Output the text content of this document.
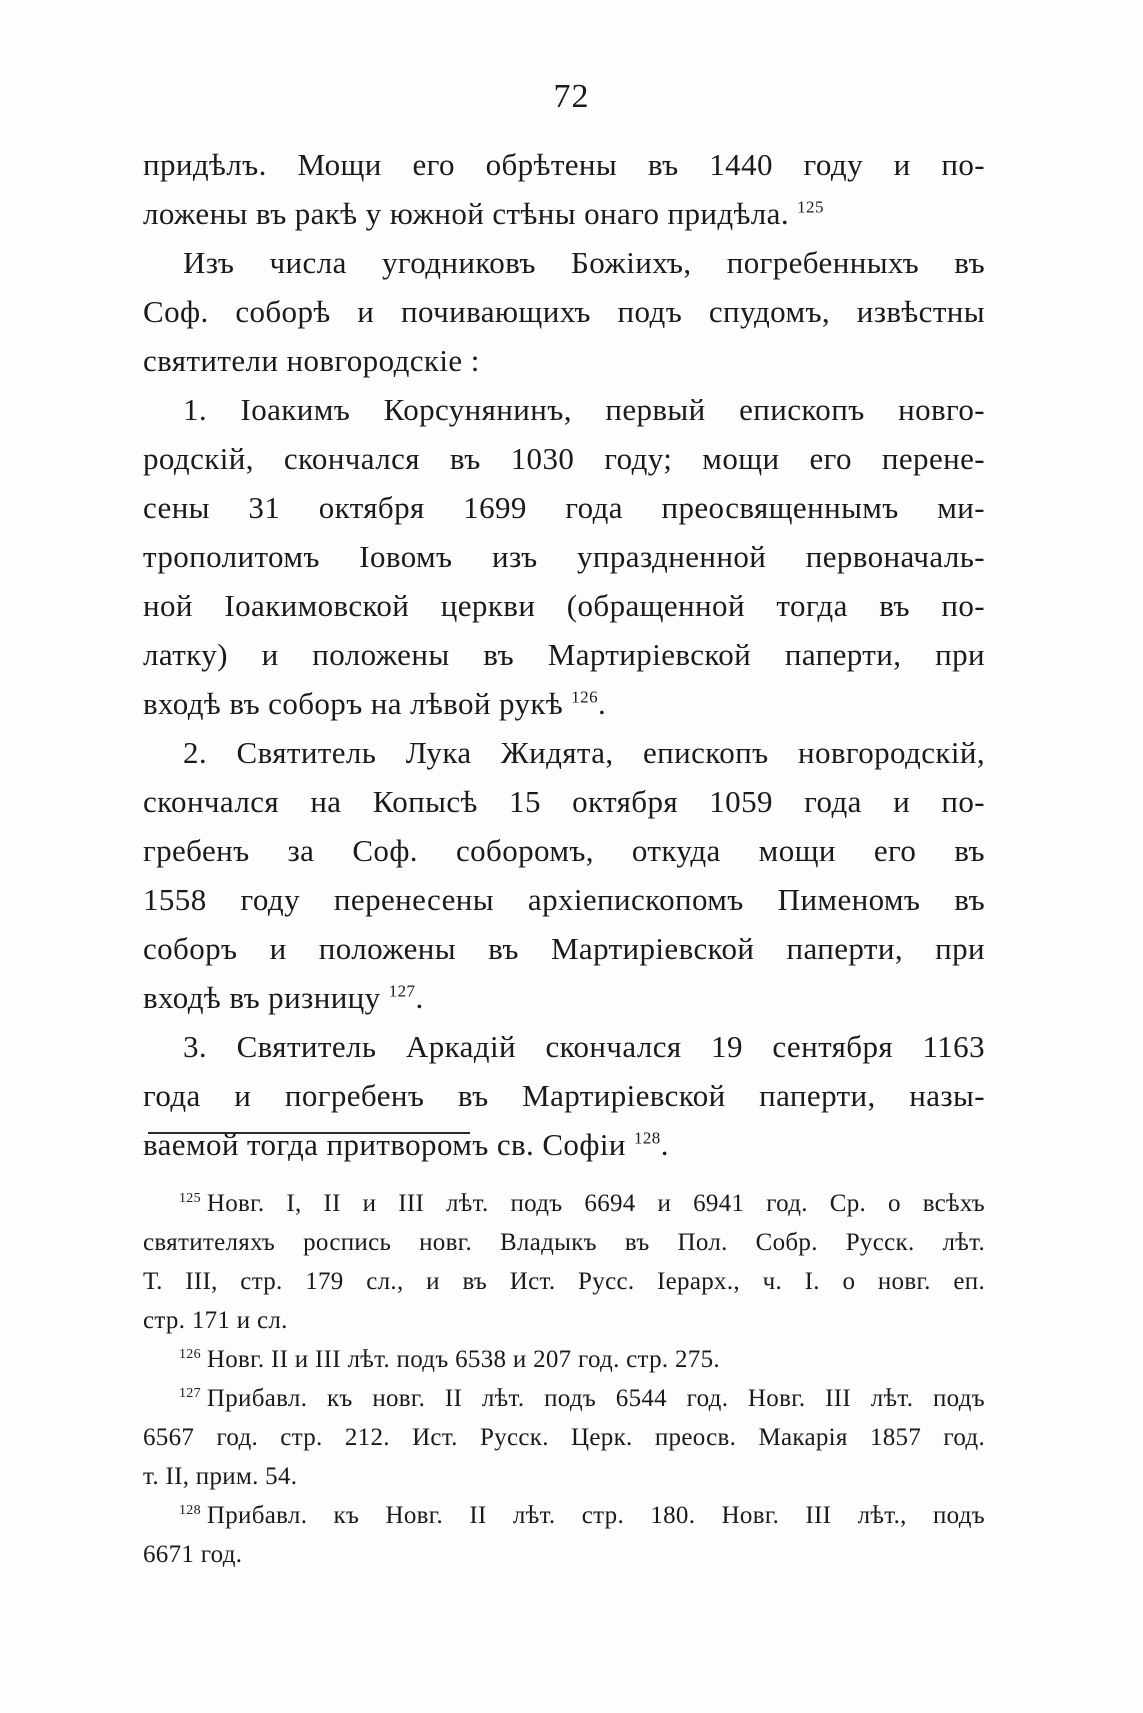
72
придѣлъ. Мощи его обрѣтены въ 1440 году и по-
ложены въ ракѣ у южной стѣны онаго придѣла. $^{125}$
Изъ числа угодниковъ Божіихъ, погребенныхъ въ
Соф. соборѣ и почивающихъ подъ спудомъ, извѣстны
святители новгородскіе :
1. Іоакимъ Корсунянинъ, первый епископъ новго-
родскій, скончался въ 1030 году; мощи его перене-
сены 31 октября 1699 года преосвященнымъ ми-
трополитомъ Іовомъ изъ упраздненной первоначаль-
ной Іоакимовской церкви (обращенной тогда въ по-
латку) и положены въ Мартиріевской паперти, при
входѣ въ соборъ на лѣвой рукѣ $^{126}$.
2. Святитель Лука Жидята, епископъ новгородскій,
скончался на Копысѣ 15 октября 1059 года и по-
гребенъ за Соф. соборомъ, откуда мощи его въ
1558 году перенесены архіепископомъ Пименомъ въ
соборъ и положены въ Мартиріевской паперти, при
входѣ въ ризницу $^{127}$.
3. Святитель Аркадій скончался 19 сентября 1163
года и погребенъ въ Мартиріевской паперти, назы-
ваемой тогда притворомъ св. Софіи $^{128}$.
$^{125}$ Новг. I, II и III лѣт. подъ 6694 и 6941 год. Ср. о всѣхъ
святителяхъ роспись новг. Владыкъ въ Пол. Собр. Русск. лѣт.
Т. III, стр. 179 сл., и въ Ист. Русс. Іерарх., ч. I. о новг. еп.
стр. 171 и сл.
$^{126}$ Новг. II и III лѣт. подъ 6538 и 207 год. стр. 275.
$^{127}$ Прибавл. къ новг. II лѣт. подъ 6544 год. Новг. III лѣт. подъ
6567 год. стр. 212. Ист. Русск. Церк. преосв. Макарія 1857 год.
т. II, прим. 54.
$^{128}$ Прибавл. къ Новг. II лѣт. стр. 180. Новг. III лѣт., подъ
6671 год.
